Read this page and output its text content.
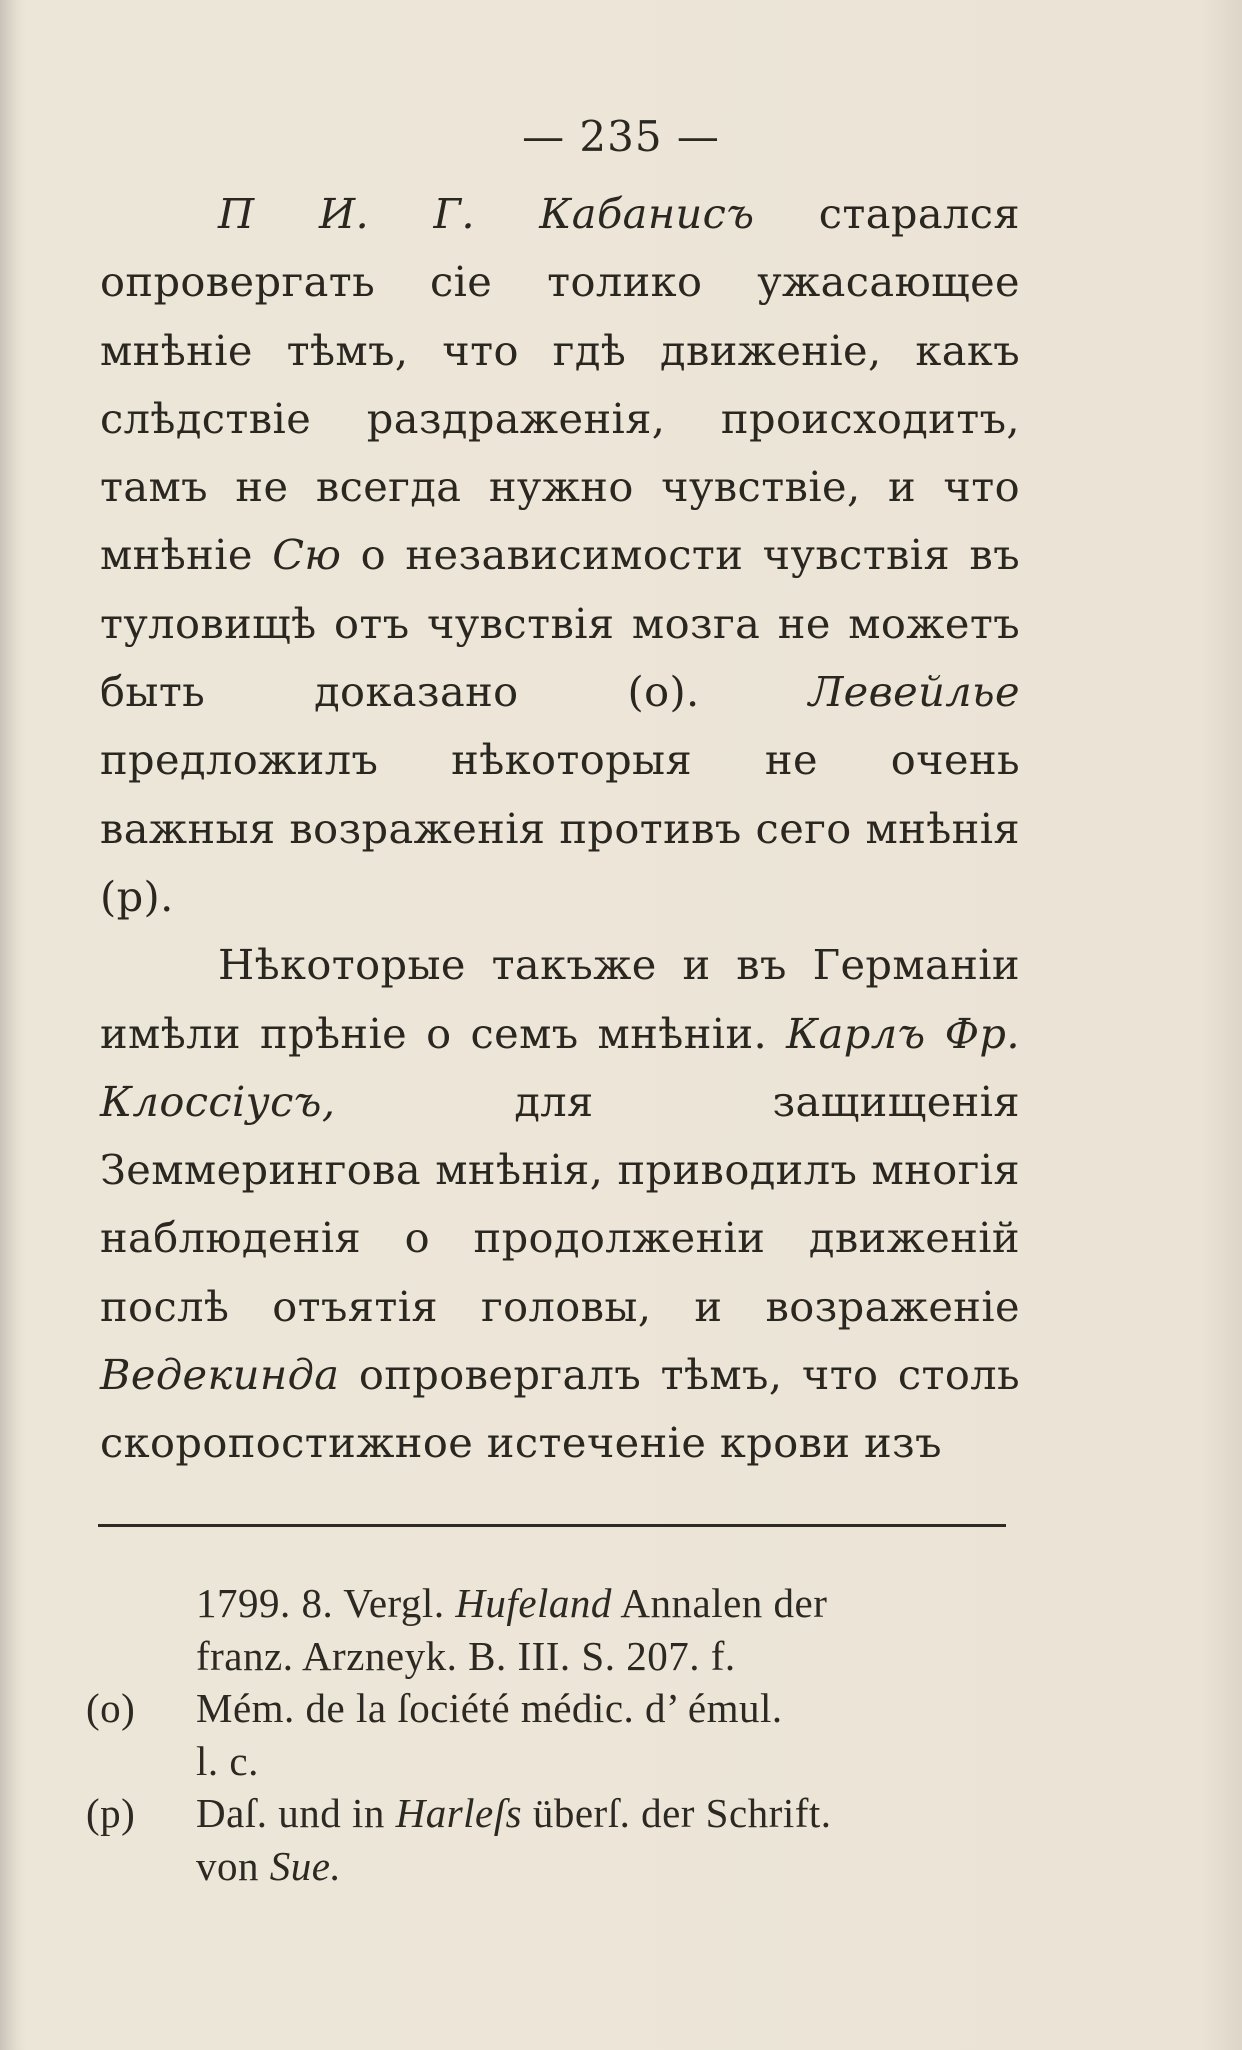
— 235 —

П И. Г. Кабанисъ старался опровергать сіе толико ужасающее мнѣніе тѣмъ, что гдѣ движеніе, какъ слѣдствіе раздраженія, происходитъ, тамъ не всегда нужно чувствіе, и что мнѣніе Сю о независимости чувствія въ туловищѣ отъ чувствія мозга не можетъ быть доказано (o). Левейлье предложилъ нѣкоторыя не очень важныя возраженія противъ сего мнѣнія (p).

Нѣкоторые такъже и въ Германіи имѣли прѣніе о семъ мнѣніи. Карлъ Фр. Клоссіусъ, для защищенія Земмерингова мнѣнія, приводилъ многія наблюденія о продолженіи движеній послѣ отъятія головы, и возраженіе Ведекинда опровергалъ тѣмъ, что столь скоропостижное истеченіе крови изъ

1799. 8. Vergl. Hufeland Annalen der
franz. Arzneyk. B. III. S. 207. f.
(o)	Mém. de la ſociété médic. d’ émul.
l. c.
(p)	Daſ. und in Harleſs überſ. der Schrift.
von Sue.
